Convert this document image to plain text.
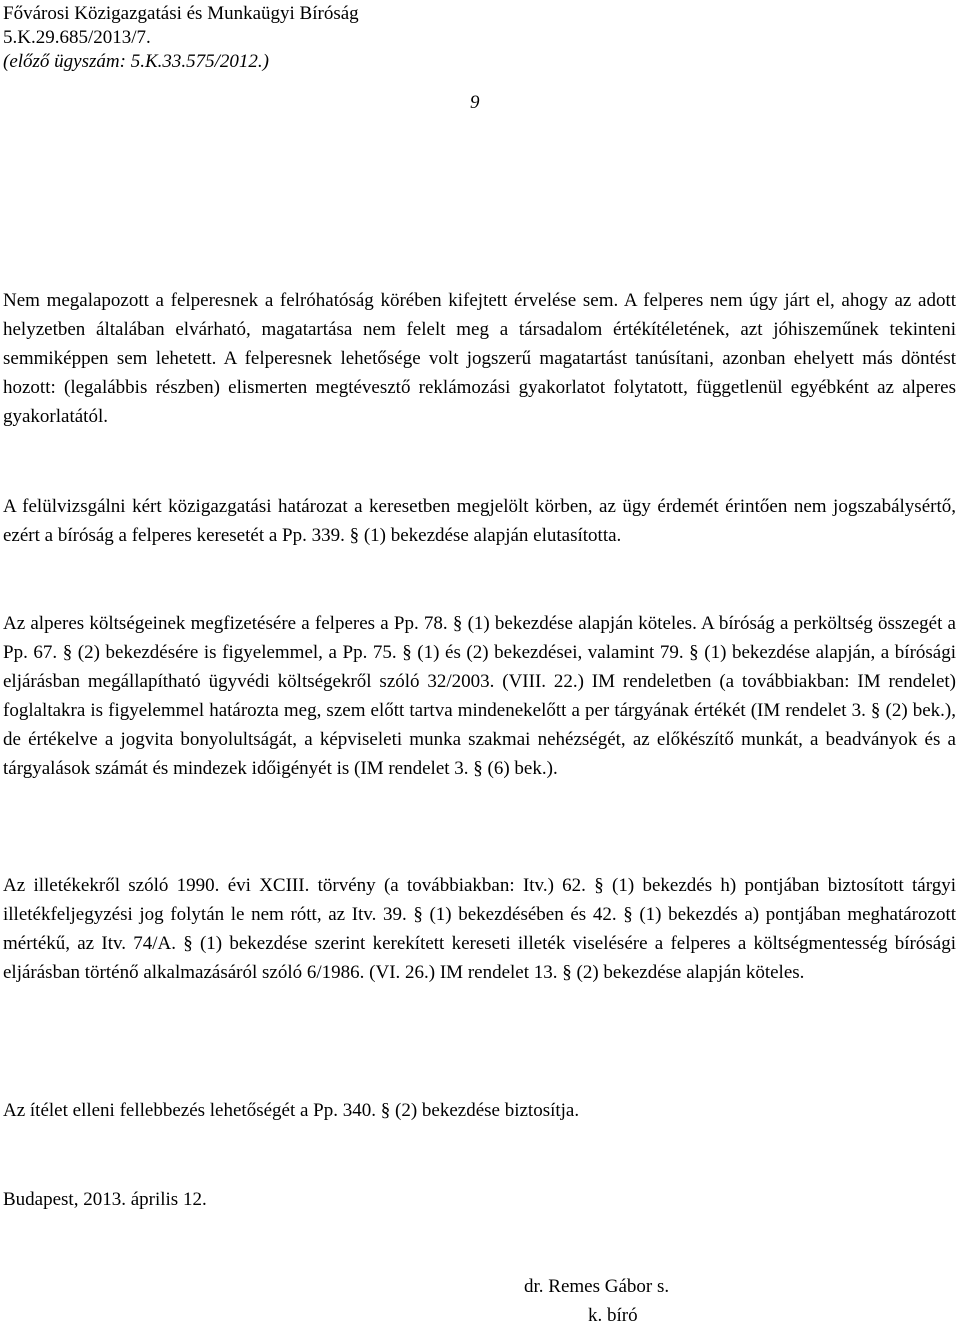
Fővárosi Közigazgatási és Munkaügyi Bíróság
5.K.29.685/2013/7.
(előző ügyszám: 5.K.33.575/2012.)
9

Nem megalapozott a felperesnek a felróhatóság körében kifejtett érvelése sem. A felperes nem úgy járt el, ahogy az adott helyzetben általában elvárható, magatartása nem felelt meg a társadalom értékítéletének, azt jóhiszeműnek tekinteni semmiképpen sem lehetett. A felperesnek lehetősége volt jogszerű magatartást tanúsítani, azonban ehelyett más döntést hozott: (legalábbis részben) elismerten megtévesztő reklámozási gyakorlatot folytatott, függetlenül egyébként az alperes gyakorlatától.

A felülvizsgálni kért közigazgatási határozat a keresetben megjelölt körben, az ügy érdemét érintően nem jogszabálysértő, ezért a bíróság a felperes keresetét a Pp. 339. § (1) bekezdése alapján elutasította.

Az alperes költségeinek megfizetésére a felperes a Pp. 78. § (1) bekezdése alapján köteles. A bíróság a perköltség összegét a Pp. 67. § (2) bekezdésére is figyelemmel, a Pp. 75. § (1) és (2) bekezdései, valamint 79. § (1) bekezdése alapján, a bírósági eljárásban megállapítható ügyvédi költségekről szóló 32/2003. (VIII. 22.) IM rendeletben (a továbbiakban: IM rendelet) foglaltakra is figyelemmel határozta meg, szem előtt tartva mindenekelőtt a per tárgyának értékét (IM rendelet 3. § (2) bek.), de értékelve a jogvita bonyolultságát, a képviseleti munka szakmai nehézségét, az előkészítő munkát, a beadványok és a tárgyalások számát és mindezek időigényét is (IM rendelet 3. § (6) bek.).

Az illetékekről szóló 1990. évi XCIII. törvény (a továbbiakban: Itv.) 62. § (1) bekezdés h) pontjában biztosított tárgyi illetékfeljegyzési jog folytán le nem rótt, az Itv. 39. § (1) bekezdésében és 42. § (1) bekezdés a) pontjában meghatározott mértékű, az Itv. 74/A. § (1) bekezdése szerint kerekített kereseti illeték viselésére a felperes a költségmentesség bírósági eljárásban történő alkalmazásáról szóló 6/1986. (VI. 26.) IM rendelet 13. § (2) bekezdése alapján köteles.

Az ítélet elleni fellebbezés lehetőségét a Pp. 340. § (2) bekezdése biztosítja.

Budapest, 2013. április 12.

dr. Remes Gábor s.
k. bíró
